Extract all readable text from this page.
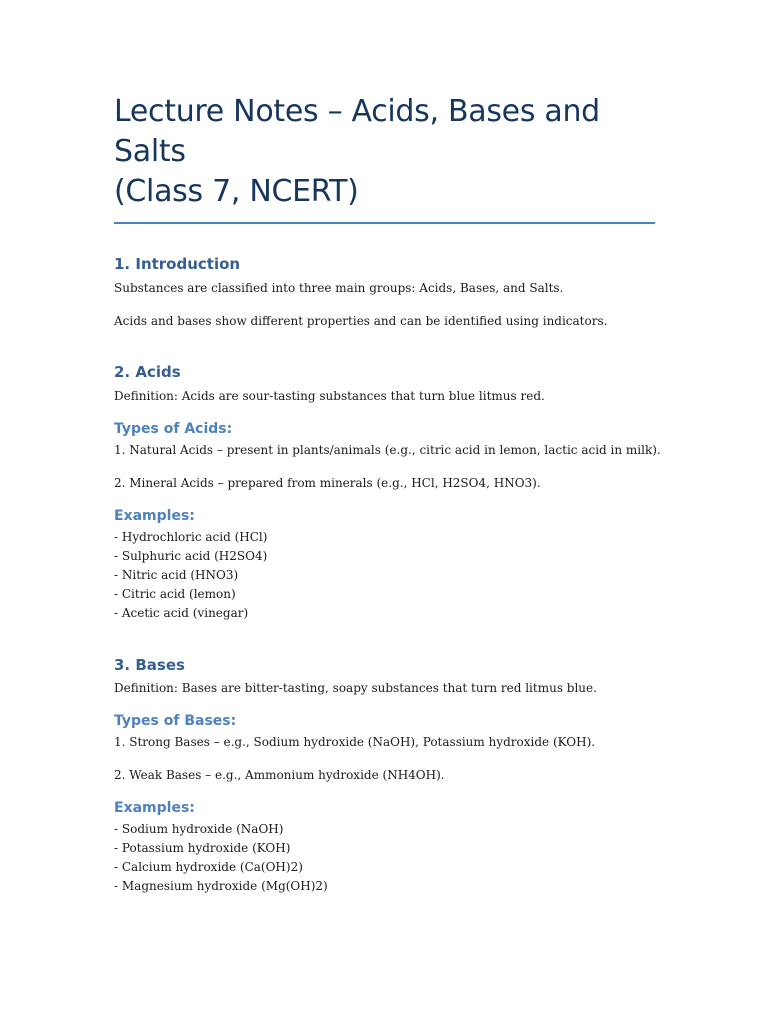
Lecture Notes – Acids, Bases and Salts
(Class 7, NCERT)
1. Introduction

Substances are classified into three main groups: Acids, Bases, and Salts.

Acids and bases show different properties and can be identified using indicators.

2. Acids

Definition: Acids are sour-tasting substances that turn blue litmus red.

Types of Acids:

1. Natural Acids – present in plants/animals (e.g., citric acid in lemon, lactic acid in milk).

2. Mineral Acids – prepared from minerals (e.g., HCl, H2SO4, HNO3).

Examples:
- Hydrochloric acid (HCl)
- Sulphuric acid (H2SO4)
- Nitric acid (HNO3)
- Citric acid (lemon)
- Acetic acid (vinegar)
3. Bases

Definition: Bases are bitter-tasting, soapy substances that turn red litmus blue.

Types of Bases:

1. Strong Bases – e.g., Sodium hydroxide (NaOH), Potassium hydroxide (KOH).

2. Weak Bases – e.g., Ammonium hydroxide (NH4OH).

Examples:
- Sodium hydroxide (NaOH)
- Potassium hydroxide (KOH)
- Calcium hydroxide (Ca(OH)2)
- Magnesium hydroxide (Mg(OH)2)
